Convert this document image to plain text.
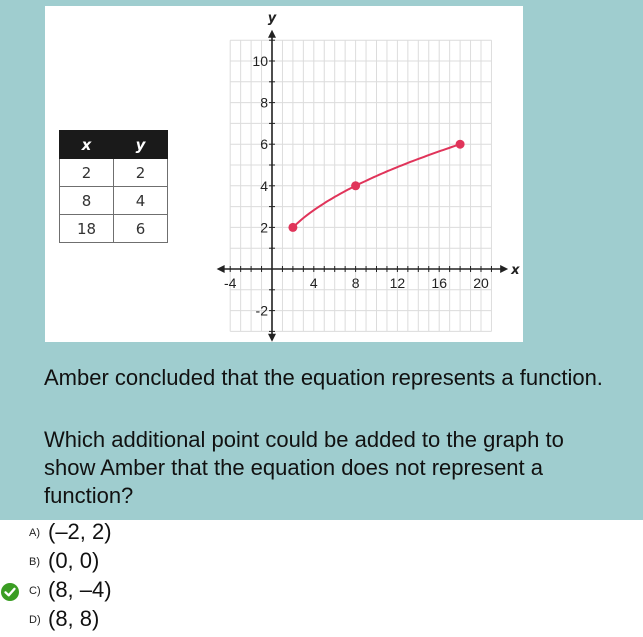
x	y
2	2
8	4
18	6
-4	4 8 12 16 20
10
8
6
4
2
-2
x
y
Amber concluded that the equation represents a function.
Which additional point could be added to the graph to show Amber that the equation does not represent a function?
A) (–2, 2)
B) (0, 0)
C) (8, –4)
D) (8, 8)
